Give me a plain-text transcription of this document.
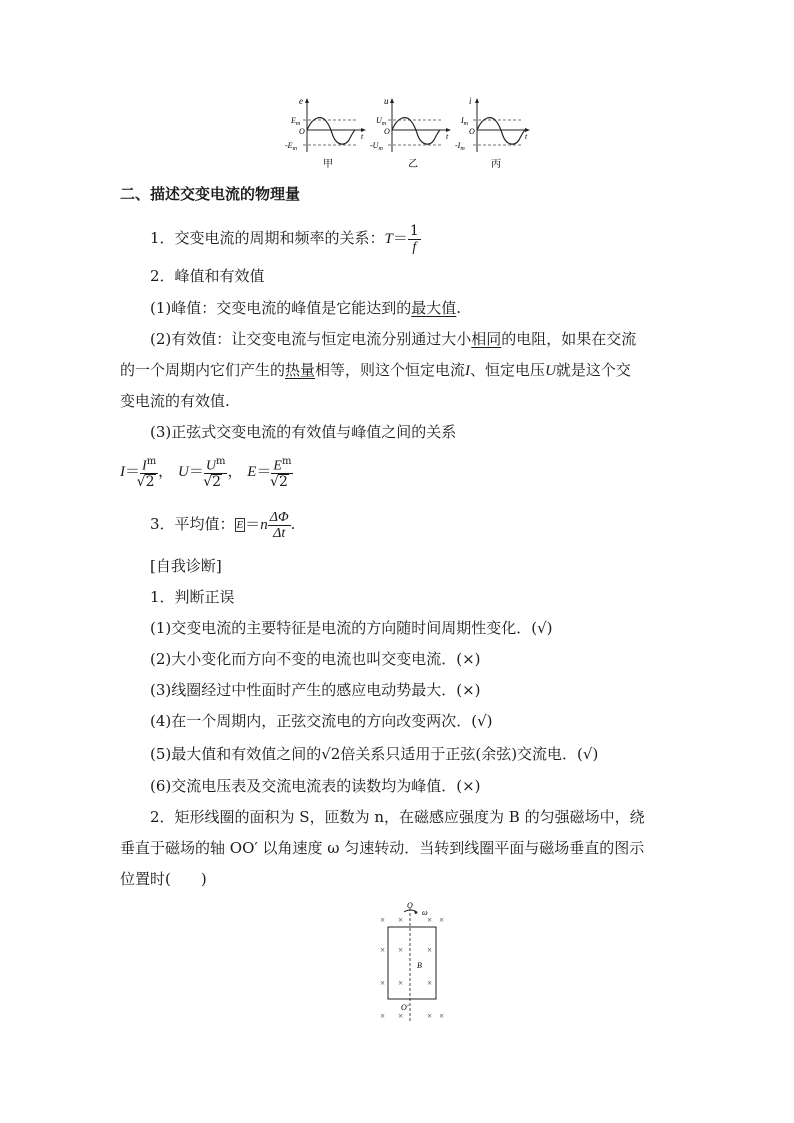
e
$E_m$
O
$-E_m$
t
甲
u
$U_m$
O
$-U_m$
t
乙
i
$I_m$
O
$-I_m$
t
丙
二、描述交变电流的物理量
1．交变电流的周期和频率的关系：$T= \frac{1}{f}$
2．峰值和有效值
(1)峰值：交变电流的峰值是它能达到的最大值.
(2)有效值：让交变电流与恒定电流分别通过大小相同的电阻，如果在交流
的一个周期内它们产生的热量相等，则这个恒定电流I、恒定电压U就是这个交
变电流的有效值.
(3)正弦式交变电流的有效值与峰值之间的关系
$I= I^m$
√ 2 ， $U= U^m$
√ 2 ， $E= E^m$
√ 2
3．平均值： $E =n \frac{\Delta\Phi}{\Delta t}$ .
[自我诊断]
1．判断正误
(1)交变电流的主要特征是电流的方向随时间周期性变化．(√)
(2)大小变化而方向不变的电流也叫交变电流．(×)
(3)线圈经过中性面时产生的感应电动势最大．(×)
(4)在一个周期内，正弦交流电的方向改变两次．(√)
(5)最大值和有效值之间的√2倍关系只适用于正弦(余弦)交流电．(√)
(6)交流电压表及交流电流表的读数均为峰值．(×)
2．矩形线圈的面积为 S，匝数为 n，在磁感应强度为 B 的匀强磁场中，绕
垂直于磁场的轴 OO′ 以角速度 ω 匀速转动．当转到线圈平面与磁场垂直的图示
位置时(　　)
O
ω
B
O′
× ×	× ×
× ×	×
× ×	×
× ×	× ×
